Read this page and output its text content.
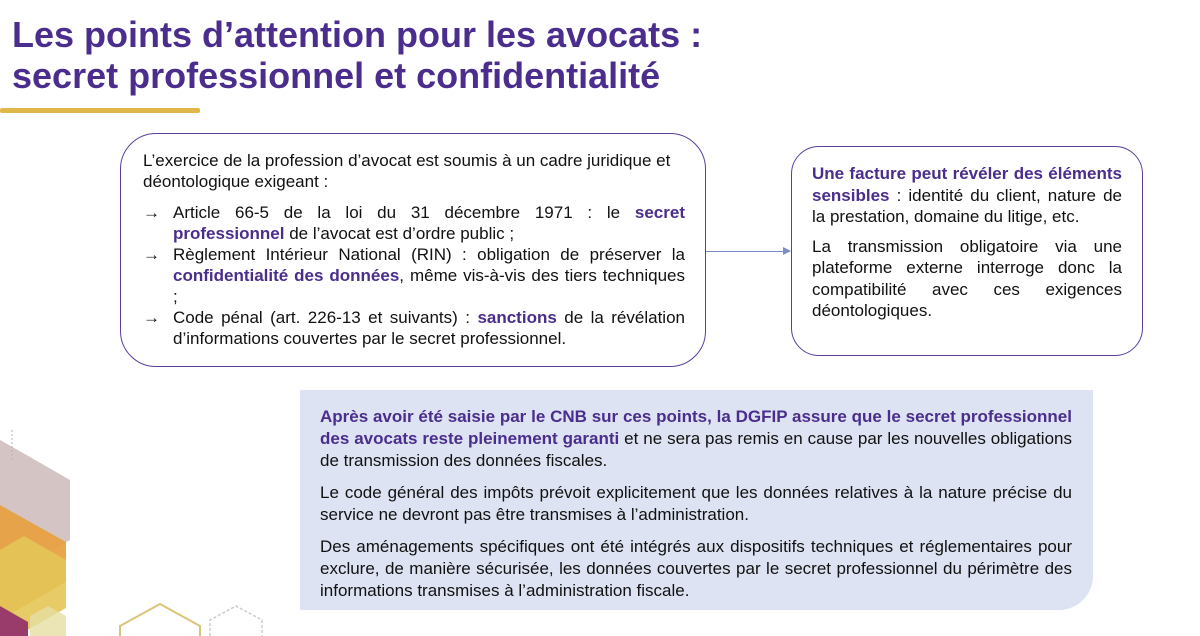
Les points d’attention pour les avocats :
secret professionnel et confidentialité

L’exercice de la profession d’avocat est soumis à un cadre juridique et déontologique exigeant :

→ Article 66-5 de la loi du 31 décembre 1971 : le secret professionnel de l’avocat est d’ordre public ;
→ Règlement Intérieur National (RIN) : obligation de préserver la confidentialité des données, même vis-à-vis des tiers techniques ;
→ Code pénal (art. 226-13 et suivants) : sanctions de la révélation d’informations couvertes par le secret professionnel.

Une facture peut révéler des éléments sensibles : identité du client, nature de la prestation, domaine du litige, etc.

La transmission obligatoire via une plateforme externe interroge donc la compatibilité avec ces exigences déontologiques.

Après avoir été saisie par le CNB sur ces points, la DGFIP assure que le secret professionnel des avocats reste pleinement garanti et ne sera pas remis en cause par les nouvelles obligations de transmission des données fiscales.

Le code général des impôts prévoit explicitement que les données relatives à la nature précise du service ne devront pas être transmises à l’administration.

Des aménagements spécifiques ont été intégrés aux dispositifs techniques et réglementaires pour exclure, de manière sécurisée, les données couvertes par le secret professionnel du périmètre des informations transmises à l’administration fiscale.
